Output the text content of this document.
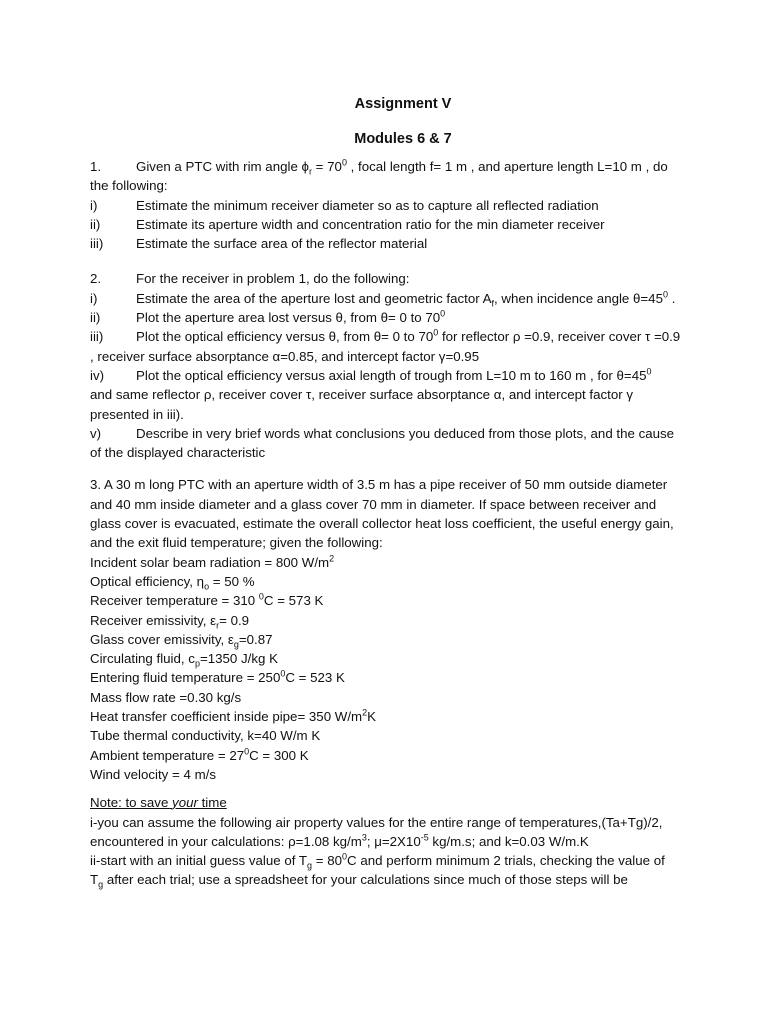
Assignment V
Modules 6 & 7
1.	Given a PTC with rim angle $\phi_r = 70^0$ , focal length f= 1 m , and aperture length L=10 m , do
the following:
i)	Estimate the minimum receiver diameter so as to capture all reflected radiation
ii)	Estimate its aperture width and concentration ratio for the min diameter receiver
iii) Estimate the surface area of the reflector material
2.	For the receiver in problem 1, do the following:
i)	Estimate the area of the aperture lost and geometric factor $A_f$, when incidence angle $\theta=45^0$ .
ii)	Plot the aperture area lost versus θ, from θ= 0 to $70^0$
iii) Plot the optical efficiency versus θ, from θ= 0 to $70^0$ for reflector ρ =0.9, receiver cover τ =0.9
, receiver surface absorptance α=0.85, and intercept factor γ=0.95
iv) Plot the optical efficiency versus axial length of trough from L=10 m to 160 m , for $\theta=45^0$
and same reflector ρ, receiver cover τ, receiver surface absorptance α, and intercept factor γ
presented in iii).
v)	Describe in very brief words what conclusions you deduced from those plots, and the cause
of the displayed characteristic
3. A 30 m long PTC with an aperture width of 3.5 m has a pipe receiver of 50 mm outside diameter
and 40 mm inside diameter and a glass cover 70 mm in diameter. If space between receiver and
glass cover is evacuated, estimate the overall collector heat loss coefficient, the useful energy gain,
and the exit fluid temperature; given the following:
Incident solar beam radiation = 800 $W/m^2$
Optical efficiency, $\eta_o = 50$ %
Receiver temperature = 310 $^0$C = 573 K
Receiver emissivity, $\varepsilon_r= 0.9$
Glass cover emissivity, $\varepsilon_g=0.87$
Circulating fluid, $c_p=1350$ J/kg K
Entering fluid temperature = $250^0C = 523$ K
Mass flow rate =0.30 kg/s
Heat transfer coefficient inside pipe= 350 $W/m^2K$
Tube thermal conductivity, k=40 W/m K
Ambient temperature = $27^0C = 300$ K
Wind velocity = 4 m/s
Note: to save your time
i-you can assume the following air property values for the entire range of temperatures,(Ta+Tg)/2,
encountered in your calculations: ρ=1.08 $kg/m^3$; $\mu=2X10^{-5}$ kg/m.s; and k=0.03 W/m.K
ii-start with an initial guess value of $T_g = 80^0C$ and perform minimum 2 trials, checking the value of
$T_g$ after each trial; use a spreadsheet for your calculations since much of those steps will be
